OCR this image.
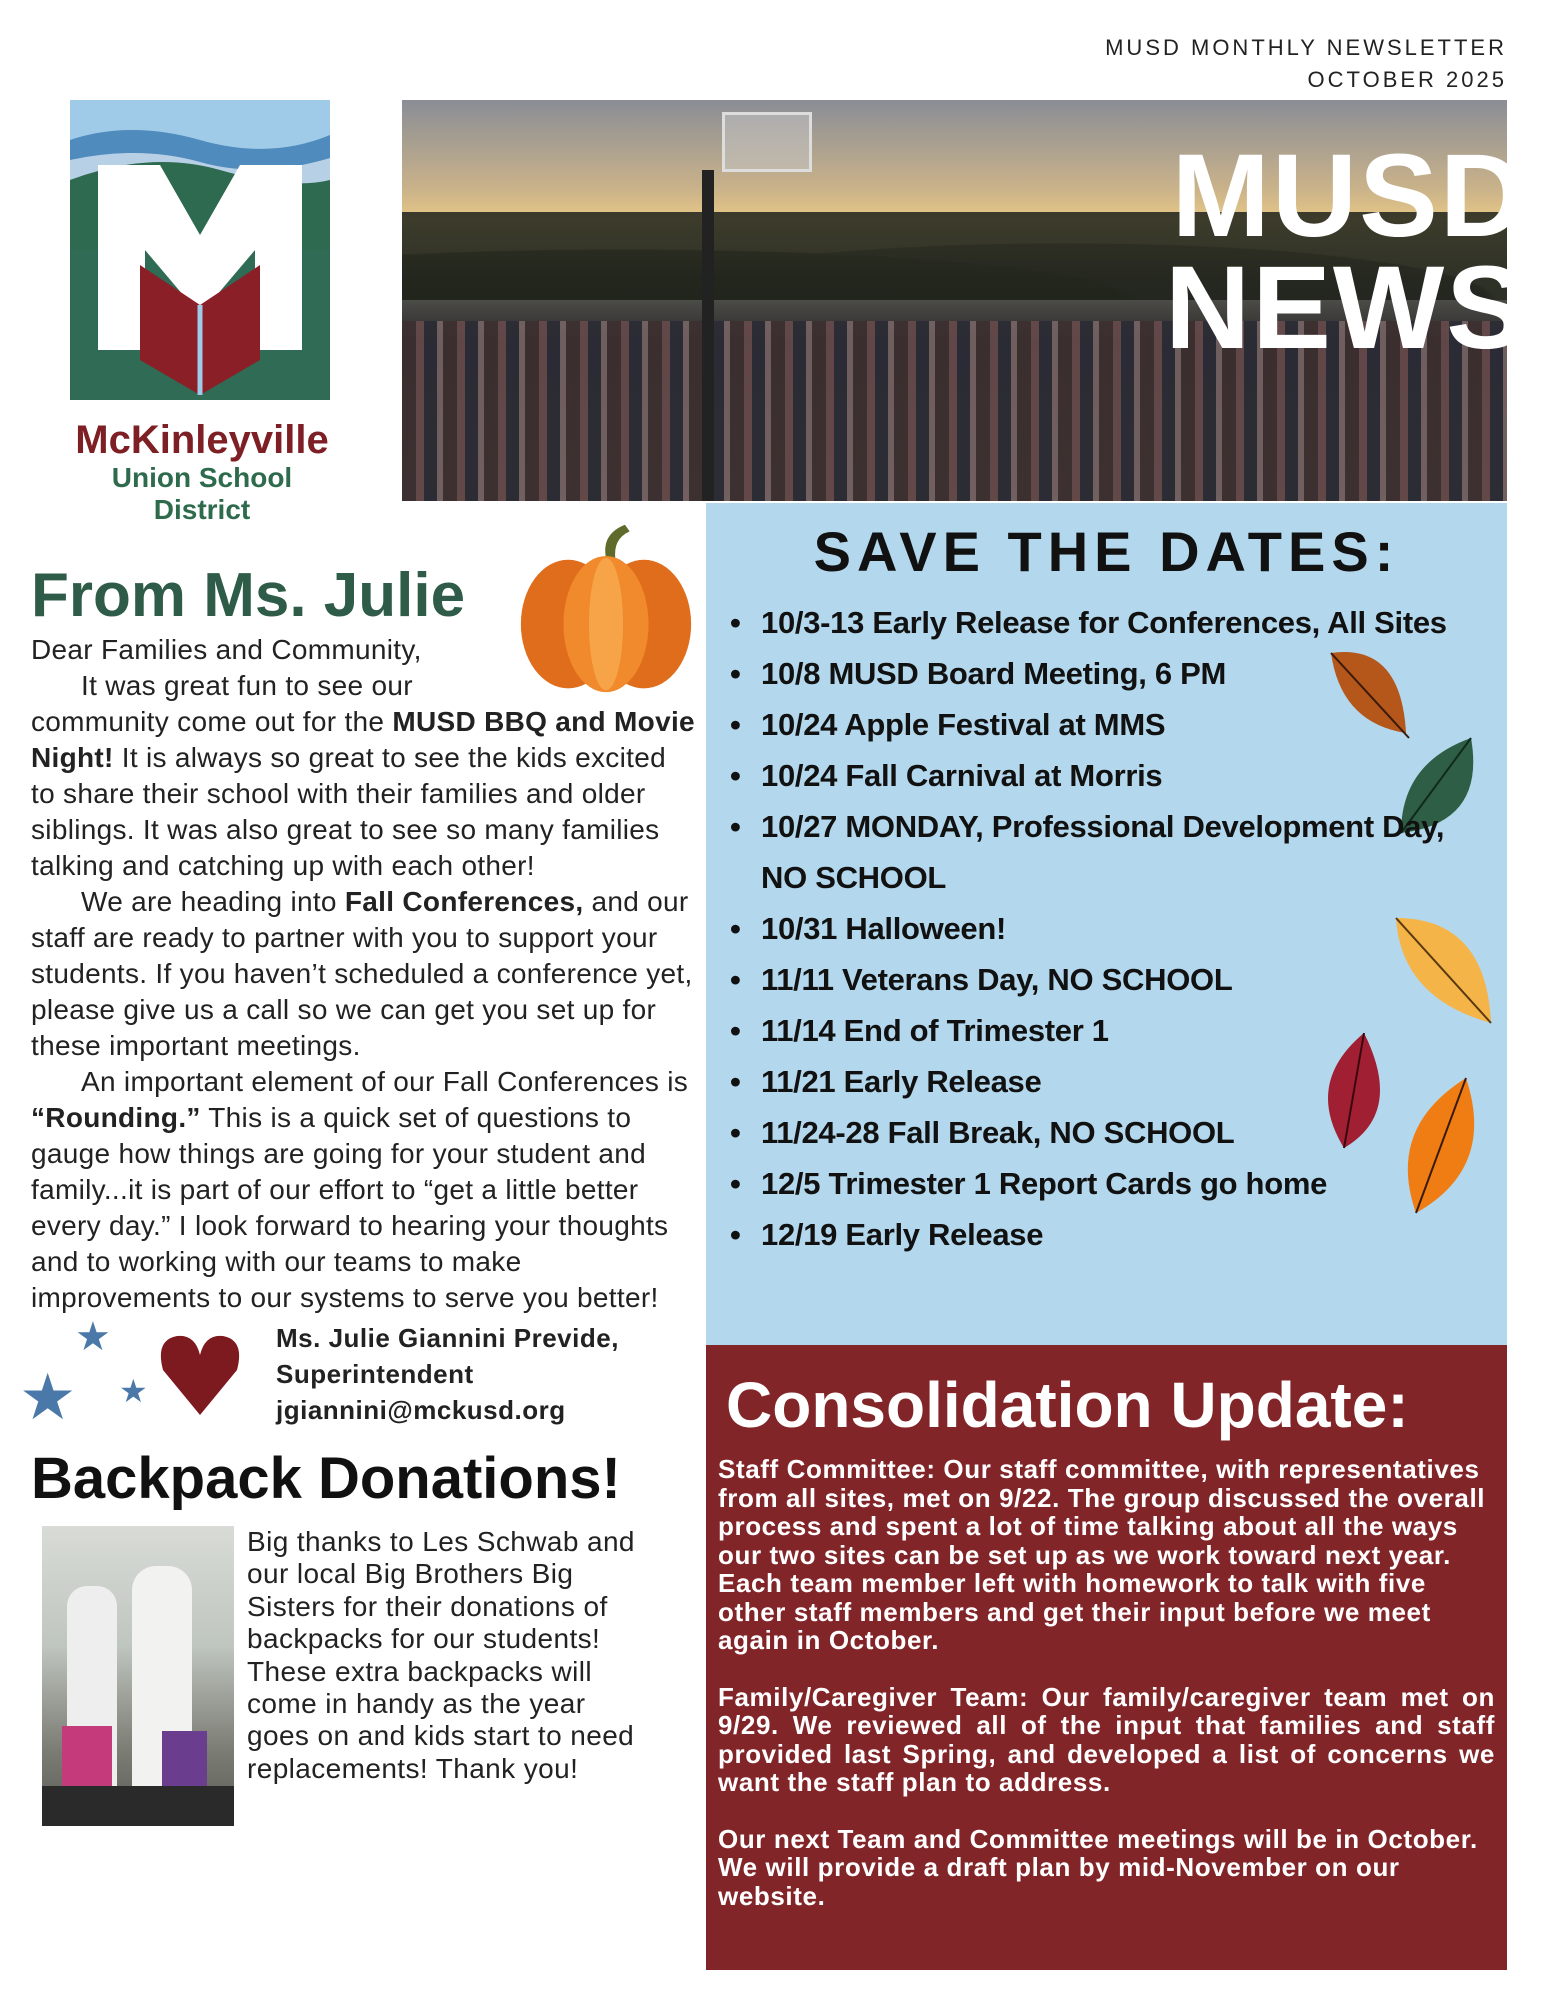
MUSD MONTHLY NEWSLETTER
OCTOBER 2025
McKinleyville
Union School District
MUSD
NEWS
From Ms. Julie
Dear Families and Community,

It was great fun to see our community come out for the MUSD BBQ and Movie Night! It is always so great to see the kids excited to share their school with their families and older siblings. It was also great to see so many families talking and catching up with each other!

We are heading into Fall Conferences, and our staff are ready to partner with you to support your students. If you haven’t scheduled a conference yet, please give us a call so we can get you set up for these important meetings.

An important element of our Fall Conferences is “Rounding.” This is a quick set of questions to gauge how things are going for your student and family...it is part of our effort to “get a little better every day.” I look forward to hearing your thoughts and to working with our teams to make improvements to our systems to serve you better!

★
★ ★
Ms. Julie Giannini Previde,
Superintendent
jgiannini@mckusd.org
Backpack Donations!
Big thanks to Les Schwab and our local Big Brothers Big Sisters for their donations of backpacks for our students! These extra backpacks will come in handy as the year goes on and kids start to need replacements! Thank you!
SAVE THE DATES:
• 10/3-13 Early Release for Conferences, All Sites
• 10/8 MUSD Board Meeting, 6 PM
• 10/24 Apple Festival at MMS
• 10/24 Fall Carnival at Morris
• 10/27 MONDAY, Professional Development Day, NO SCHOOL
• 10/31 Halloween!
• 11/11 Veterans Day, NO SCHOOL
• 11/14 End of Trimester 1
• 11/21 Early Release
• 11/24-28 Fall Break, NO SCHOOL
• 12/5 Trimester 1 Report Cards go home
• 12/19 Early Release
Consolidation Update:

Staff Committee: Our staff committee, with representatives from all sites, met on 9/22. The group discussed the overall process and spent a lot of time talking about all the ways our two sites can be set up as we work toward next year. Each team member left with homework to talk with five other staff members and get their input before we meet again in October.

Family/Caregiver Team: Our family/caregiver team met on 9/29. We reviewed all of the input that families and staff provided last Spring, and developed a list of concerns we want the staff plan to address.

Our next Team and Committee meetings will be in October. We will provide a draft plan by mid-November on our website.
